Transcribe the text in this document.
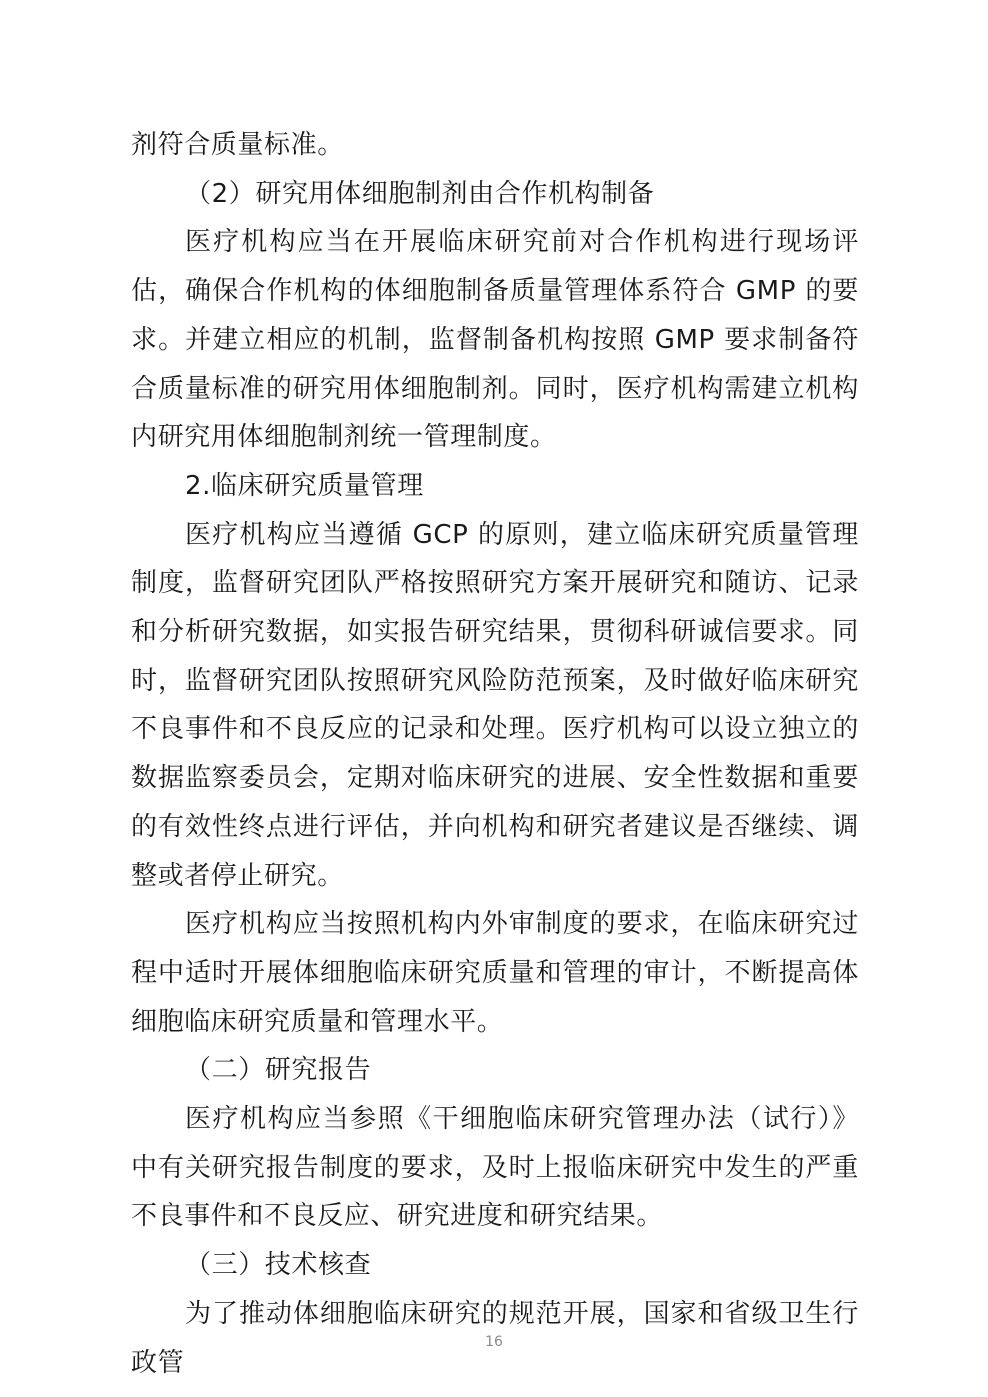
剂符合质量标准。

（2）研究用体细胞制剂由合作机构制备

医疗机构应当在开展临床研究前对合作机构进行现场评估，确保合作机构的体细胞制备质量管理体系符合 GMP 的要求。并建立相应的机制，监督制备机构按照 GMP 要求制备符合质量标准的研究用体细胞制剂。同时，医疗机构需建立机构内研究用体细胞制剂统一管理制度。

2.临床研究质量管理

医疗机构应当遵循 GCP 的原则，建立临床研究质量管理制度，监督研究团队严格按照研究方案开展研究和随访、记录和分析研究数据，如实报告研究结果，贯彻科研诚信要求。同时，监督研究团队按照研究风险防范预案，及时做好临床研究不良事件和不良反应的记录和处理。医疗机构可以设立独立的数据监察委员会，定期对临床研究的进展、安全性数据和重要的有效性终点进行评估，并向机构和研究者建议是否继续、调整或者停止研究。

医疗机构应当按照机构内外审制度的要求，在临床研究过程中适时开展体细胞临床研究质量和管理的审计，不断提高体细胞临床研究质量和管理水平。

（二）研究报告

医疗机构应当参照《干细胞临床研究管理办法（试行）》中有关研究报告制度的要求，及时上报临床研究中发生的严重不良事件和不良反应、研究进度和研究结果。

（三）技术核查

为了推动体细胞临床研究的规范开展，国家和省级卫生行政管

16
